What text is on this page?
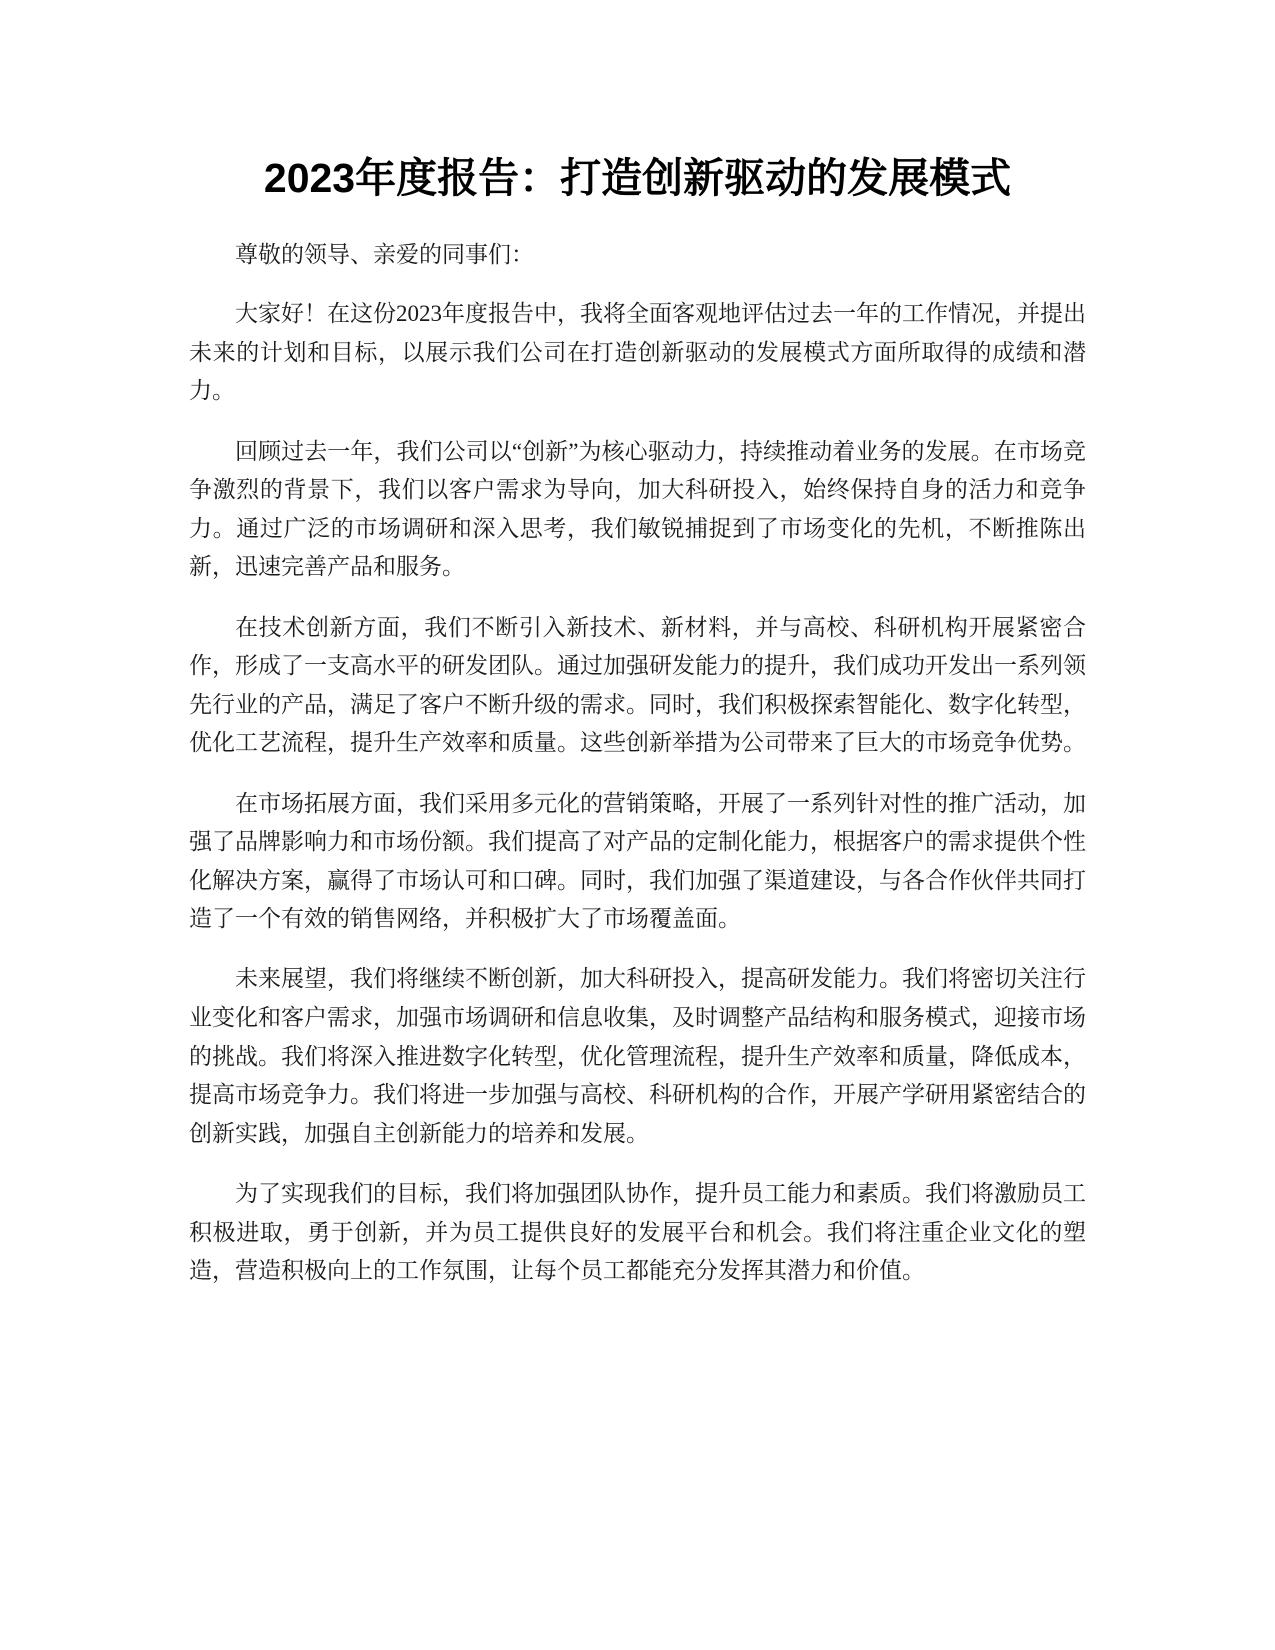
2023年度报告：打造创新驱动的发展模式

尊敬的领导、亲爱的同事们：

大家好！在这份2023年度报告中，我将全面客观地评估过去一年的工作情况，并提出未来的计划和目标，以展示我们公司在打造创新驱动的发展模式方面所取得的成绩和潜力。

回顾过去一年，我们公司以“创新”为核心驱动力，持续推动着业务的发展。在市场竞争激烈的背景下，我们以客户需求为导向，加大科研投入，始终保持自身的活力和竞争力。通过广泛的市场调研和深入思考，我们敏锐捕捉到了市场变化的先机，不断推陈出新，迅速完善产品和服务。

在技术创新方面，我们不断引入新技术、新材料，并与高校、科研机构开展紧密合作，形成了一支高水平的研发团队。通过加强研发能力的提升，我们成功开发出一系列领先行业的产品，满足了客户不断升级的需求。同时，我们积极探索智能化、数字化转型，优化工艺流程，提升生产效率和质量。这些创新举措为公司带来了巨大的市场竞争优势。

在市场拓展方面，我们采用多元化的营销策略，开展了一系列针对性的推广活动，加强了品牌影响力和市场份额。我们提高了对产品的定制化能力，根据客户的需求提供个性化解决方案，赢得了市场认可和口碑。同时，我们加强了渠道建设，与各合作伙伴共同打造了一个有效的销售网络，并积极扩大了市场覆盖面。

未来展望，我们将继续不断创新，加大科研投入，提高研发能力。我们将密切关注行业变化和客户需求，加强市场调研和信息收集，及时调整产品结构和服务模式，迎接市场的挑战。我们将深入推进数字化转型，优化管理流程，提升生产效率和质量，降低成本，提高市场竞争力。我们将进一步加强与高校、科研机构的合作，开展产学研用紧密结合的创新实践，加强自主创新能力的培养和发展。

为了实现我们的目标，我们将加强团队协作，提升员工能力和素质。我们将激励员工积极进取，勇于创新，并为员工提供良好的发展平台和机会。我们将注重企业文化的塑造，营造积极向上的工作氛围，让每个员工都能充分发挥其潜力和价值。
